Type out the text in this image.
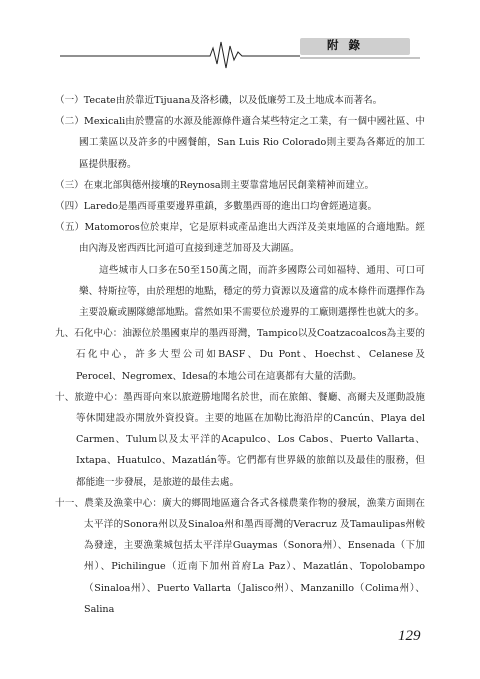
附 錄
（一）Tecate由於靠近Tijuana及洛杉磯，以及低廉勞工及土地成本而著名。
（二）Mexicali由於豐富的水源及能源條件適合某些特定之工業，有一個中國社區、中國工業區以及許多的中國餐館，San Luis Rio Colorado則主要為各鄰近的加工區提供服務。
（三）在東北部與德州接壤的Reynosa則主要靠當地居民創業精神而建立。
（四）Laredo是墨西哥重要邊界重鎮，多數墨西哥的進出口均會經過這裏。
（五）Matomoros位於東岸，它是原料或產品進出大西洋及美東地區的合適地點。經由內海及密西西比河道可直接到達芝加哥及大湖區。
這些城市人口多在50至150萬之間，而許多國際公司如福特、通用、可口可樂、特斯拉等，由於理想的地點，穩定的勞力資源以及適當的成本條件而選擇作為主要設廠或團隊總部地點。當然如果不需要位於邊界的工廠則選擇性也就大的多。
九、石化中心：油源位於墨國東岸的墨西哥灣，Tampico以及Coatzacoalcos為主要的石化中心，許多大型公司如BASF、Du Pont、Hoechst、Celanese及Perocel、Negromex、Idesa的本地公司在這裏都有大量的活動。
十、旅遊中心：墨西哥向來以旅遊勝地聞名於世，而在旅館、餐廳、高爾夫及運動設施等休閒建設亦開放外資投資。主要的地區在加勒比海沿岸的Cancún、Playa del Carmen、Tulum以及太平洋的Acapulco、Los Cabos、Puerto Vallarta、Ixtapa、Huatulco、Mazatlán等。它們都有世界級的旅館以及最佳的服務，但都能進一步發展，是旅遊的最佳去處。
十一、農業及漁業中心：廣大的鄉間地區適合各式各樣農業作物的發展，漁業方面則在太平洋的Sonora州以及Sinaloa州和墨西哥灣的Veracruz 及Tamaulipas州較為發達，主要漁業城包括太平洋岸Guaymas（Sonora州）、Ensenada（下加州）、Pichilingue（近南下加州首府La Paz）、Mazatlán、Topolobampo（Sinaloa州）、Puerto Vallarta（Jalisco州）、Manzanillo（Colima州）、Salina
129
